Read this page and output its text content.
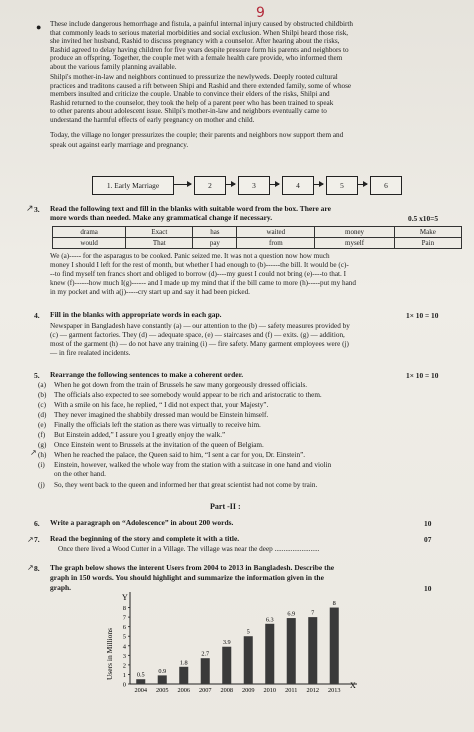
9
● These include dangerous hemorrhage and fistula, a painful internal injury caused by obstructed childbirth
that commonly leads to serious material morbidities and social exclusion. When Shilpi heard those risk,
she invited her husband, Rashid to discuss pregnancy with a counselor. After hearing about the risks,
Rashid agreed to delay having children for five years despite pressure form his parents and neighbors to
produce an offspring. Together, the couple met with a female health care provide, who informed them
about the various family planning available.
Shilpi's mother-in-law and neighbors continued to pressurize the newlyweds. Deeply rooted cultural
practices and traditons caused a rift between Shipi and Rashid and there extended family, some of whose
members insulted and criticize the couple. Unable to convince their elders of the risks, Shilpi and
Rashid returned to the counselor, they took the help of a parent peer who has been trained to speak
to other parents about adolescent issue. Shilpi's mother-in-law and neighbors eventually came to
understand the harmful effects of early pregnancy on mother and child.
Today, the village no longer pressurizes the couple; their parents and neighbors now support them and
speak out against early marriage and pregnancy.
1. Early Marriage	2	3	4	5	6
↗ 3. Read the following text and fill in the blanks with suitable word from the box. There are
more words than needed. Make any grammatical change if necessary.	0.5 x10=5
drama	Exact	has	waited	money	Make
would	That	pay	from	myself	Pain
We (a)----- for the asparagus to be cooked. Panic seized me. It was not a question now how much
money I should I left for the rest of month, but whether I had enough to (b)------the bill. It would be (c)-
--to find myself ten francs short and obliged to borrow (d)----my guest I could not bring (e)----to that. I
knew (f)------how much I(g)------ and I made up my mind that if the bill came to more (h)-----put my hand
in my pocket and with a(j)-----cry start up and say it had been picked.
4. Fill in the blanks with appropriate words in each gap.	1× 10 = 10
Newspaper in Bangladesh have constantly (a) — our attention to the (b) — safety measures provided by
(c) — garment factories. They (d) — adequate space, (e) — staircases and (f) — exits. (g) — addition,
most of the garment (h) — do not have any training (i) — fire safety. Many garment employees were (j)
— in fire realated incidents.
5. Rearrange the following sentences to make a coherent order.	1× 10 = 10
↗
(a) When he got down from the train of Brussels he saw many gorgeously dressed officials.
(b) The officials also expected to see somebody would appear to be rich and aristocratic to them.
(c) With a smile on his face, he replied, “ I did not expect that, your Majesty”.
(d) They never imagined the shabbily dressed man would be Einstein himself.
(e) Finally the officials left the station as there was virtually to receive him.
(f) But Einstein added,” I assure you I greatly enjoy the walk.”
(g) Once Einstein went to Brussels at the invitation of the queen of Belgiam.
(h) When he reached the palace, the Queen said to him, “I sent a car for you, Dr. Einstein”.
(i) Einstein, however, walked the whole way from the station with a suitcase in one hand and violin
on the other hand.
(j) So, they went back to the queen and informed her that great scientist had not come by train.
Part -II :
6. Write a paragraph on “Adolescence” in about 200 words.	10
↗ 7. Read the beginning of the story and complete it with a title.	07
Once there lived a Wood Cutter in a Village. The village was near the deep .........................
↗ 8. The graph below shows the interent Users from 2004 to 2013 in Bangladesh. Describe the
graph in 150 words. You should highlight and summarize the information given in the
graph.	10
Y
X
Users in Millions
0
1
2
3
4
5
6
7
8
0.5
2004
0.9
2005
1.8
2006
2.7
2007
3.9
2008
5
2009
6.3
2010
6.9
2011
7
2012
8
2013
